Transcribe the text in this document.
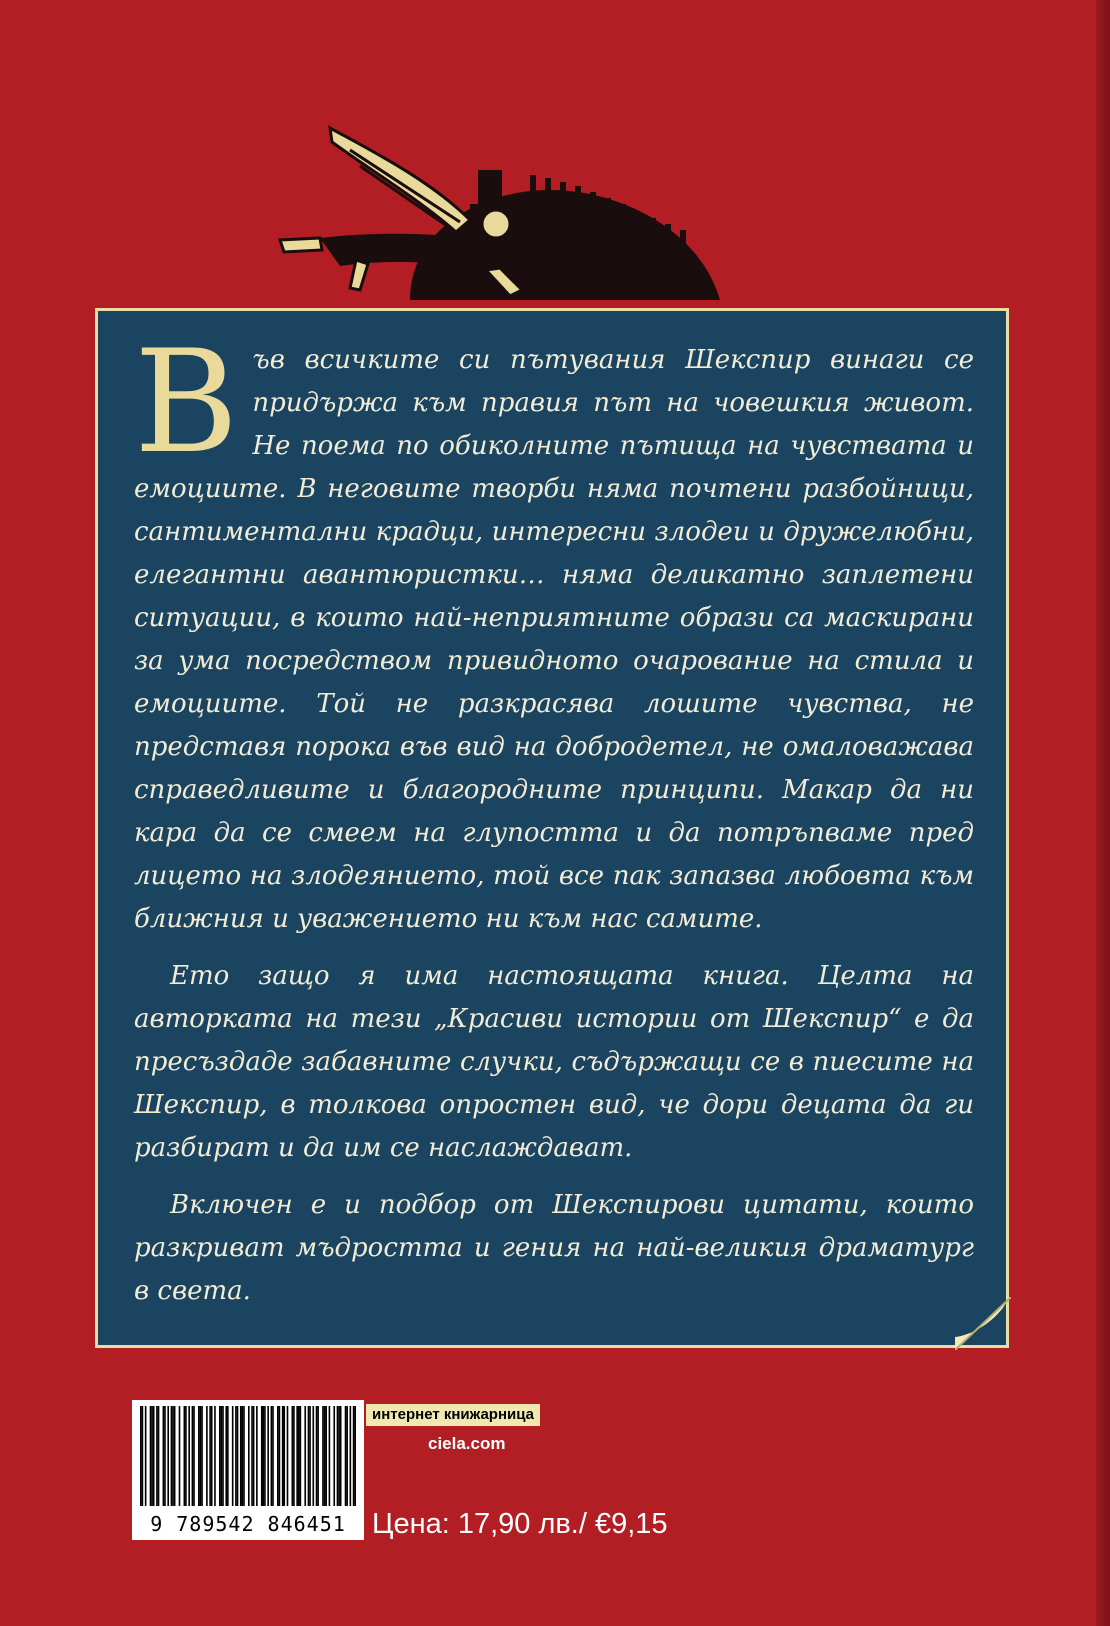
В ъв всичките си пътувания Шекспир винаги се придържа към правия път на човешкия живот. Не поема по обиколните пътища на чувствата и емоциите. В неговите творби няма почтени разбойници, сантиментални крадци, интересни злодеи и дружелюбни, елегантни авантюристки… няма деликатно заплетени ситуации, в които най-неприятните образи са маскирани за ума посредством привидното очарование на стила и емоциите. Той не разкрасява лошите чувства, не представя порока във вид на добродетел, не омаловажава справедливите и благородните принципи. Макар да ни кара да се смеем на глупостта и да потръпваме пред лицето на злодеянието, той все пак запазва любовта към ближния и уважението ни към нас самите.

Ето защо я има настоящата книга. Целта на авторката на тези „Красиви истории от Шекспир“ е да пресъздаде забавните случки, съдържащи се в пиесите на Шекспир, в толкова опростен вид, че дори децата да ги разбират и да им се наслаждават.

Включен е и подбор от Шекспирови цитати, които разкриват мъдростта и гения на най-великия драматург в света.

9 789542 846451
интернет книжарница
ciela.com
Цена: 17,90 лв./ €9,15
